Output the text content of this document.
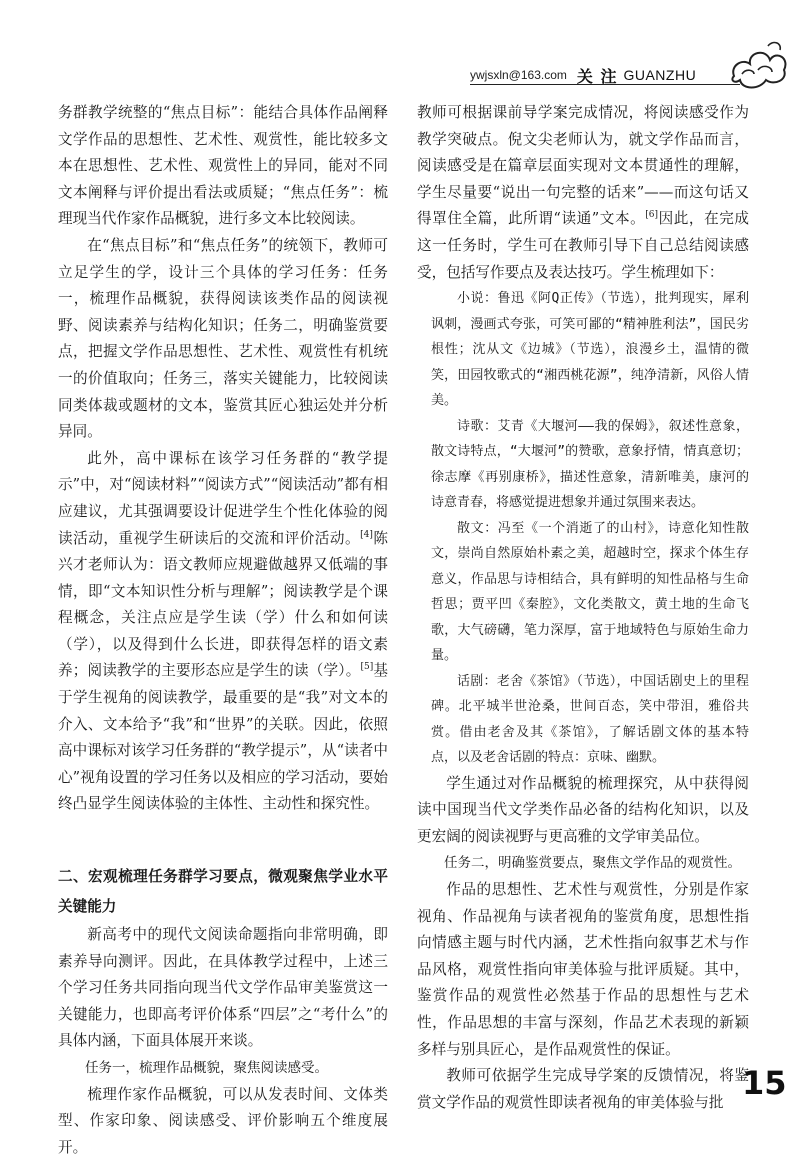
ywjsxln@163.com 关 注 GUANZHU

务群教学统整的“焦点目标”：能结合具体作品阐释文学作品的思想性、艺术性、观赏性，能比较多文本在思想性、艺术性、观赏性上的异同，能对不同文本阐释与评价提出看法或质疑；“焦点任务”：梳理现当代作家作品概貌，进行多文本比较阅读。

在“焦点目标”和“焦点任务”的统领下，教师可立足学生的学，设计三个具体的学习任务：任务一，梳理作品概貌，获得阅读该类作品的阅读视野、阅读素养与结构化知识；任务二，明确鉴赏要点，把握文学作品思想性、艺术性、观赏性有机统一的价值取向；任务三，落实关键能力，比较阅读同类体裁或题材的文本，鉴赏其匠心独运处并分析异同。

此外，高中课标在该学习任务群的“教学提示”中，对“阅读材料”“阅读方式”“阅读活动”都有相应建议，尤其强调要设计促进学生个性化体验的阅读活动，重视学生研读后的交流和评价活动。[4]陈兴才老师认为：语文教师应规避做越界又低端的事情，即“文本知识性分析与理解”；阅读教学是个课程概念，关注点应是学生读（学）什么和如何读（学），以及得到什么长进，即获得怎样的语文素养；阅读教学的主要形态应是学生的读（学）。[5]基于学生视角的阅读教学，最重要的是“我”对文本的介入、文本给予“我”和“世界”的关联。因此，依照高中课标对该学习任务群的“教学提示”，从“读者中心”视角设置的学习任务以及相应的学习活动，要始终凸显学生阅读体验的主体性、主动性和探究性。

二、宏观梳理任务群学习要点，微观聚焦学业水平关键能力

新高考中的现代文阅读命题指向非常明确，即素养导向测评。因此，在具体教学过程中，上述三个学习任务共同指向现当代文学作品审美鉴赏这一关键能力，也即高考评价体系“四层”之“考什么”的具体内涵，下面具体展开来谈。

任务一，梳理作品概貌，聚焦阅读感受。

梳理作家作品概貌，可以从发表时间、文体类型、作家印象、阅读感受、评价影响五个维度展开。

教师可根据课前导学案完成情况，将阅读感受作为教学突破点。倪文尖老师认为，就文学作品而言，阅读感受是在篇章层面实现对文本贯通性的理解，学生尽量要“说出一句完整的话来”——而这句话又得罩住全篇，此所谓“读通”文本。[6]因此，在完成这一任务时，学生可在教师引导下自己总结阅读感受，包括写作要点及表达技巧。学生梳理如下：

小说：鲁迅《阿Q正传》（节选），批判现实，犀利讽刺，漫画式夸张，可笑可鄙的“精神胜利法”，国民劣根性；沈从文《边城》（节选），浪漫乡土，温情的微笑，田园牧歌式的“湘西桃花源”，纯净清新，风俗人情美。

诗歌：艾青《大堰河——我的保姆》，叙述性意象，散文诗特点，“大堰河”的赞歌，意象抒情，情真意切；徐志摩《再别康桥》，描述性意象，清新唯美，康河的诗意青春，将感觉提进想象并通过氛围来表达。

散文：冯至《一个消逝了的山村》，诗意化知性散文，崇尚自然原始朴素之美，超越时空，探求个体生存意义，作品思与诗相结合，具有鲜明的知性品格与生命哲思；贾平凹《秦腔》，文化类散文，黄土地的生命飞歌，大气磅礴，笔力深厚，富于地域特色与原始生命力量。

话剧：老舍《茶馆》（节选），中国话剧史上的里程碑。北平城半世沧桑，世间百态，笑中带泪，雅俗共赏。借由老舍及其《茶馆》，了解话剧文体的基本特点，以及老舍话剧的特点：京味、幽默。

学生通过对作品概貌的梳理探究，从中获得阅读中国现当代文学类作品必备的结构化知识，以及更宏阔的阅读视野与更高雅的文学审美品位。

任务二，明确鉴赏要点，聚焦文学作品的观赏性。

作品的思想性、艺术性与观赏性，分别是作家视角、作品视角与读者视角的鉴赏角度，思想性指向情感主题与时代内涵，艺术性指向叙事艺术与作品风格，观赏性指向审美体验与批评质疑。其中，鉴赏作品的观赏性必然基于作品的思想性与艺术性，作品思想的丰富与深刻，作品艺术表现的新颖多样与别具匠心，是作品观赏性的保证。

教师可依据学生完成导学案的反馈情况，将鉴赏文学作品的观赏性即读者视角的审美体验与批

15
